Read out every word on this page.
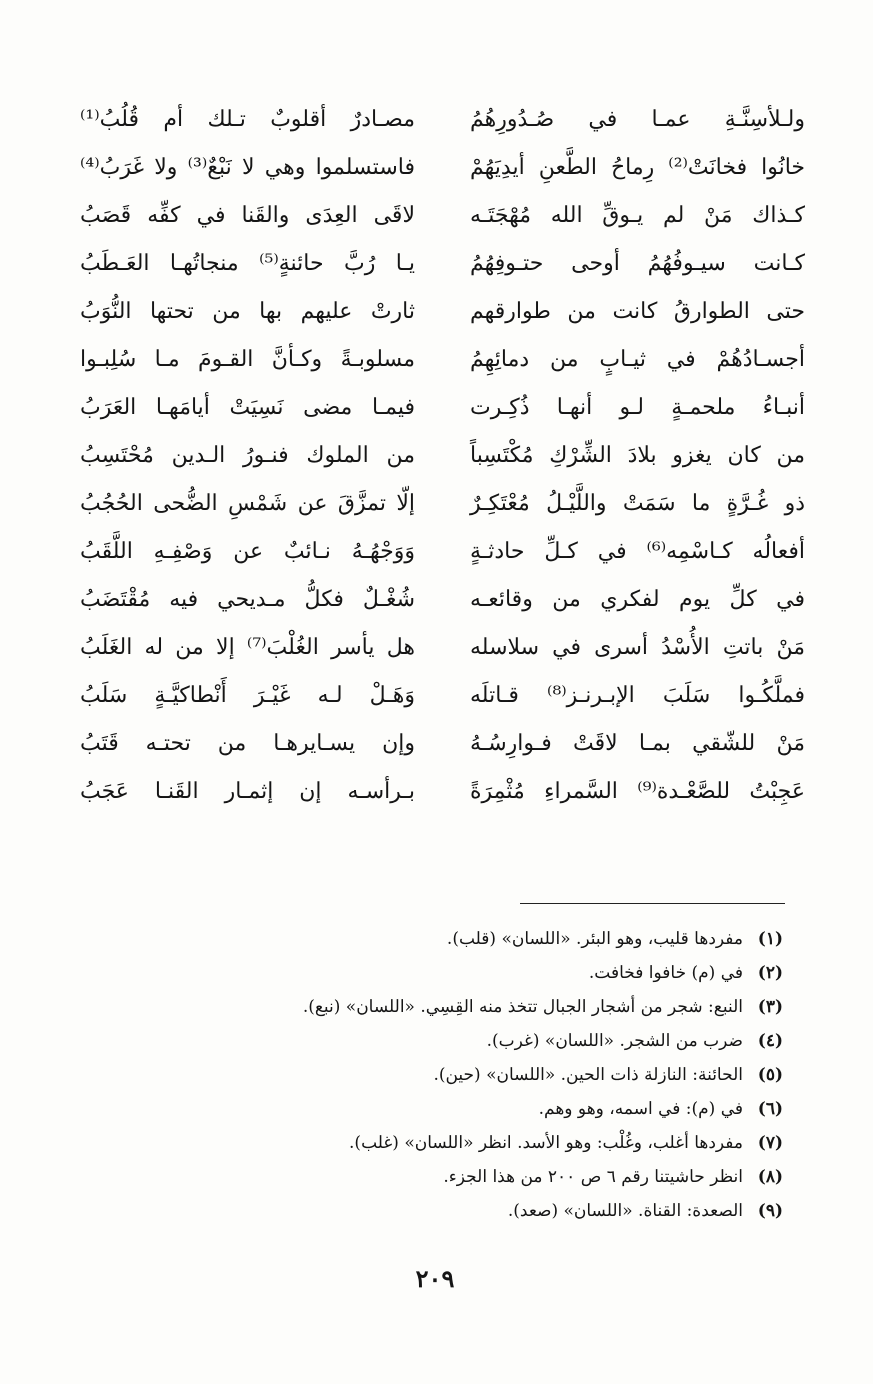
ولـلأسِنَّـةِ عمـا في صُـدُورِهُمُ
مصـادرٌ أقلوبٌ تـلك أم قُلُبُ⁽¹⁾
خانُوا فخانَتْ⁽²⁾ رِماحُ الطَّعنِ أيدِيَهُمْ
فاستسلموا وهي لا نَبْعٌ⁽³⁾ ولا غَرَبُ⁽⁴⁾
كـذاك مَنْ لم يـوقِّ الله مُهْجَتَـه
لاقَى العِدَى والقَنا في كفِّه قَصَبُ
كـانت سيـوفُهُمُ أوحى حتـوفِهُمُ
يـا رُبَّ حائنةٍ⁽⁵⁾ منجاتُهـا العَـطَبُ
حتى الطوارقُ كانت من طوارقهم
ثارتْ عليهم بها من تحتها النُّوَبُ
أجسـادُهُمْ في ثيـابٍ من دمائِهِمُ
مسلوبـةً وكـأنَّ القـومَ مـا سُلِبـوا
أنبـاءُ ملحمـةٍ لـو أنهـا ذُكِـرت
فيمـا مضى نَسِيَتْ أيامَهـا العَرَبُ
من كان يغزو بلادَ الشِّرْكِ مُكْتَسِباً
من الملوك فنـورُ الـدين مُحْتَسِبُ
ذو غُـرَّةٍ ما سَمَتْ واللَّيْـلُ مُعْتَكِـرٌ
إلّا تمزَّقَ عن شَمْسِ الضُّحى الحُجُبُ
أفعالُه كـاسْمِه⁽⁶⁾ في كـلِّ حادثـةٍ
وَوَجْهُـهُ نـائبٌ عن وَصْفِـهِ اللَّقَبُ
في كلِّ يوم لفكري من وقائعـه
شُغْـلٌ فكلُّ مـديحي فيه مُقْتَضَبُ
مَنْ باتتِ الأُسْدُ أسرى في سلاسله
هل يأسر الغُلْبَ⁽⁷⁾ إلا من له الغَلَبُ
فملَّكُـوا سَلَبَ الإبـرنـز⁽⁸⁾ قـاتلَه
وَهَـلْ لـه غَيْـرَ أَنْطاكيَّـةٍ سَلَبُ
مَنْ للشّقي بمـا لاقَتْ فـوارِسُـهُ
وإن يسـايرهـا من تحتـه قَتَبُ
عَجِبْتُ للصَّعْـدة⁽⁹⁾ السَّمراءِ مُثْمِرَةً
بـرأسـه إن إثمـار القَنـا عَجَبُ
(١)مفردها قليب، وهو البئر. «اللسان» (قلب).
(٢)في (م) خافوا فخافت.
(٣)النبع: شجر من أشجار الجبال تتخذ منه القِسِي. «اللسان» (نبع).
(٤)ضرب من الشجر. «اللسان» (غرب).
(٥)الحائنة: النازلة ذات الحين. «اللسان» (حين).
(٦)في (م): في اسمه، وهو وهم.
(٧)مفردها أغلب، وغُلْب: وهو الأسد. انظر «اللسان» (غلب).
(٨)انظر حاشيتنا رقم ٦ ص ٢٠٠ من هذا الجزء.
(٩)الصعدة: القناة. «اللسان» (صعد).
٢٠٩
